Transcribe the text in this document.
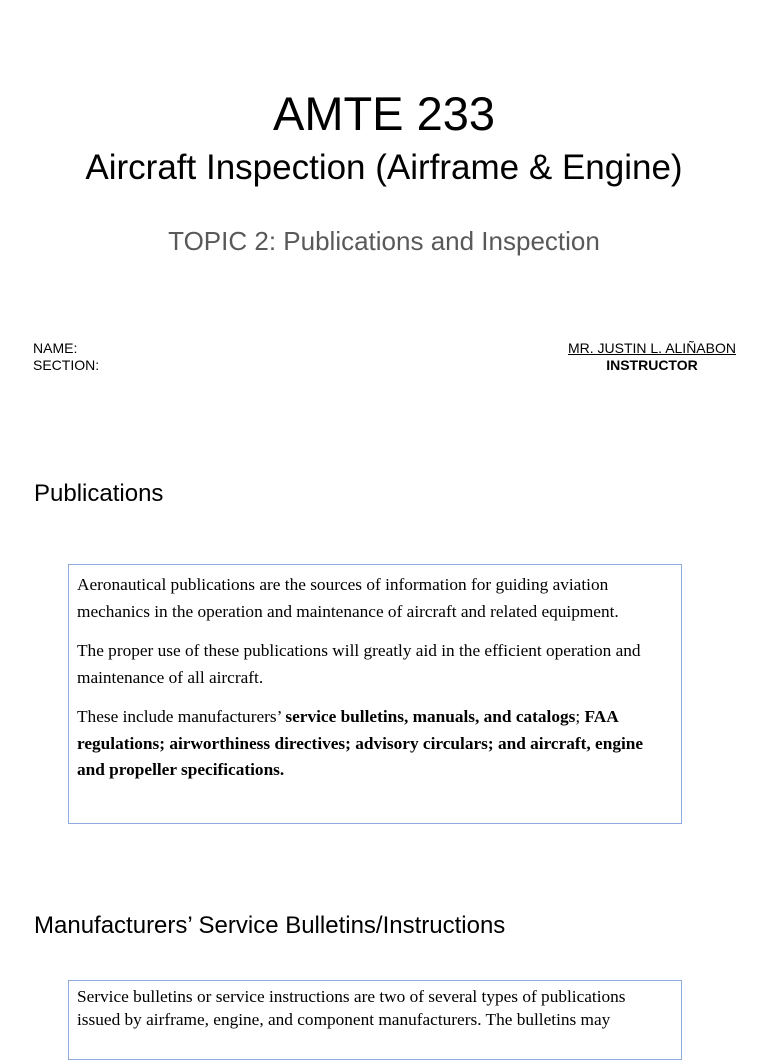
AMTE 233
Aircraft Inspection (Airframe & Engine)
TOPIC 2: Publications and Inspection
NAME:
SECTION:
MR. JUSTIN L. ALIÑABON
INSTRUCTOR
Publications

Aeronautical publications are the sources of information for guiding aviation mechanics in the operation and maintenance of aircraft and related equipment.

The proper use of these publications will greatly aid in the efficient operation and maintenance of all aircraft.

These include manufacturers’ service bulletins, manuals, and catalogs; FAA regulations; airworthiness directives; advisory circulars; and aircraft, engine and propeller specifications.

Manufacturers’ Service Bulletins/Instructions
Service bulletins or service instructions are two of several types of publications
issued by airframe, engine, and component manufacturers. The bulletins may
